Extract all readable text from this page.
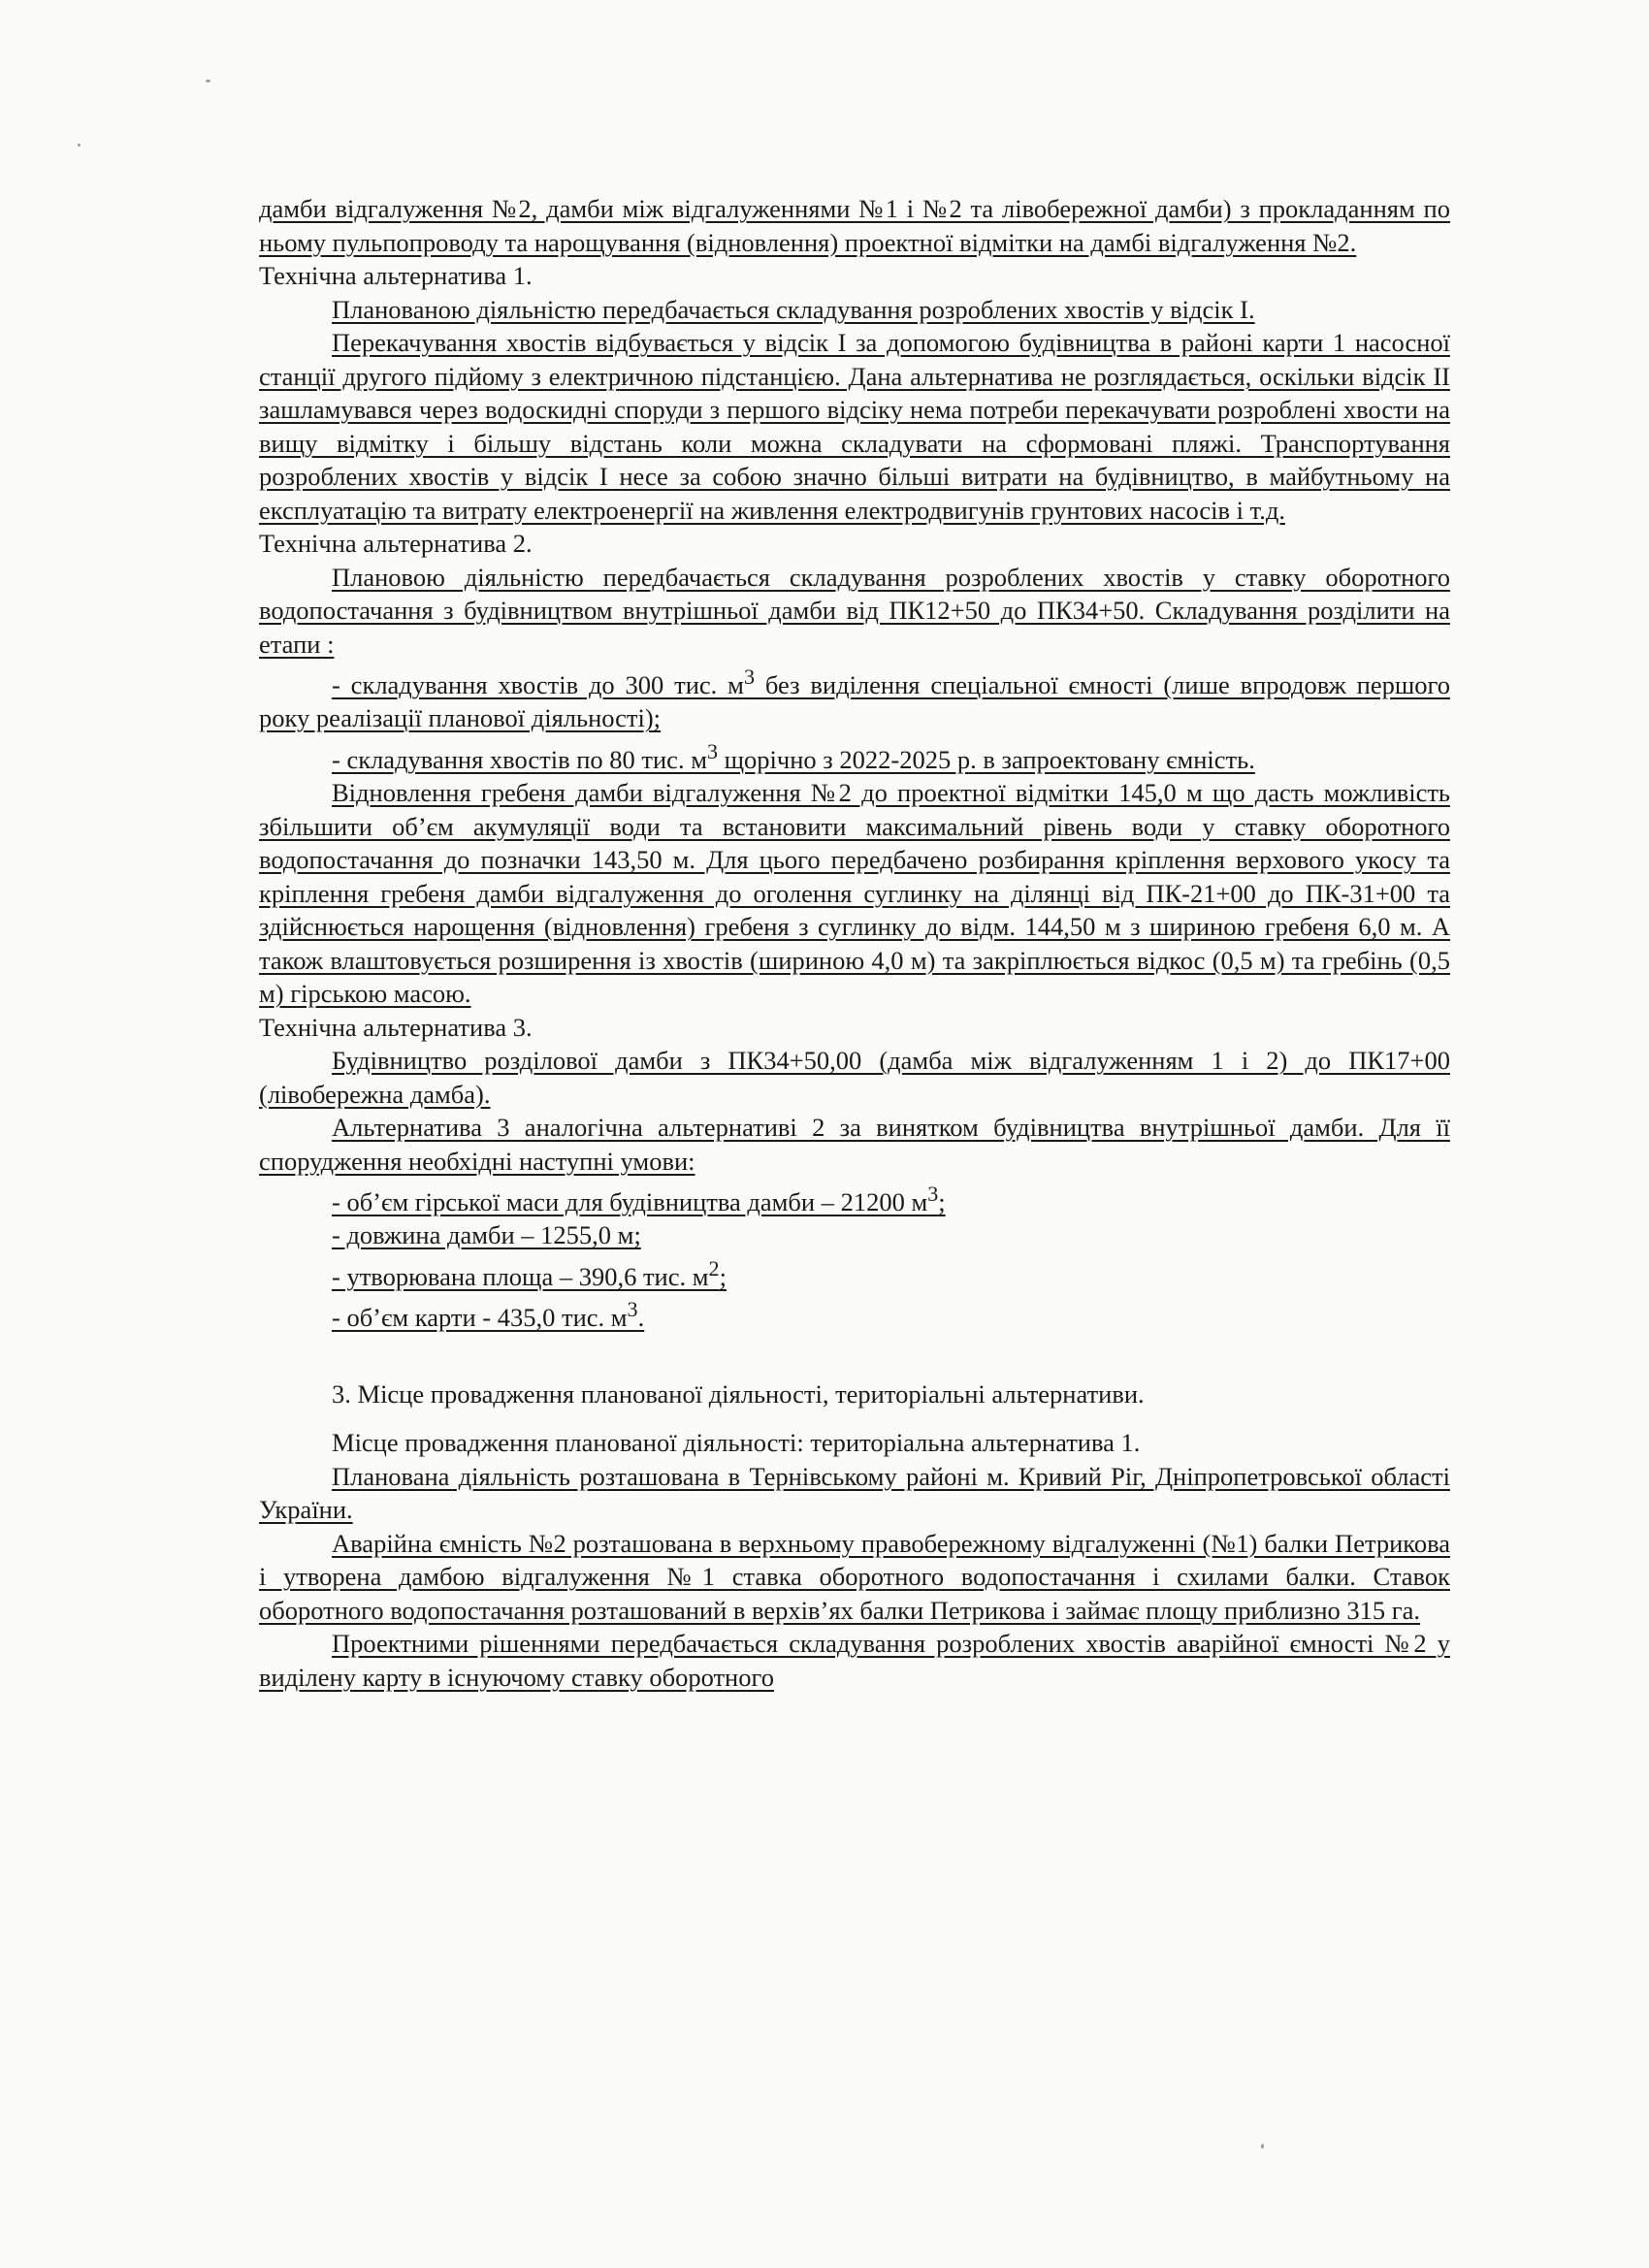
дамби відгалуження №2, дамби між відгалуженнями №1 і №2 та лівобережної дамби) з прокладанням по ньому пульпопроводу та нарощування (відновлення) проектної відмітки на дамбі відгалуження №2.

Технічна альтернатива 1.

Планованою діяльністю передбачається складування розроблених хвостів у відсік І.

Перекачування хвостів відбувається у відсік І за допомогою будівництва в районі карти 1 насосної станції другого підйому з електричною підстанцією. Дана альтернатива не розглядається, оскільки відсік ІІ зашламувався через водоскидні споруди з першого відсіку нема потреби перекачувати розроблені хвости на вищу відмітку і більшу відстань коли можна складувати на сформовані пляжі. Транспортування розроблених хвостів у відсік І несе за собою значно більші витрати на будівництво, в майбутньому на експлуатацію та витрату електроенергії на живлення електродвигунів грунтових насосів і т.д.

Технічна альтернатива 2.

Плановою діяльністю передбачається складування розроблених хвостів у ставку оборотного водопостачання з будівництвом внутрішньої дамби від ПК12+50 до ПК34+50. Складування розділити на етапи :

- складування хвостів до 300 тис. $м^3$ без виділення спеціальної ємності (лише впродовж першого року реалізації планової діяльності);

- складування хвостів по 80 тис. $м^3$ щорічно з 2022-2025 р. в запроектовану ємність.

Відновлення гребеня дамби відгалуження №2 до проектної відмітки 145,0 м що дасть можливість збільшити об’єм акумуляції води та встановити максимальний рівень води у ставку оборотного водопостачання до позначки 143,50 м. Для цього передбачено розбирання кріплення верхового укосу та кріплення гребеня дамби відгалуження до оголення суглинку на ділянці від ПК-21+00 до ПК-31+00 та здійснюється нарощення (відновлення) гребеня з суглинку до відм. 144,50 м з шириною гребеня 6,0 м. А також влаштовується розширення із хвостів (шириною 4,0 м) та закріплюється відкос (0,5 м) та гребінь (0,5 м) гірською масою.

Технічна альтернатива 3.

Будівництво розділової дамби з ПК34+50,00 (дамба між відгалуженням 1 і 2) до ПК17+00 (лівобережна дамба).

Альтернатива 3 аналогічна альтернативі 2 за винятком будівництва внутрішньої дамби. Для її спорудження необхідні наступні умови:

- об’єм гірської маси для будівництва дамби – 21200 $м^3$;

- довжина дамби – 1255,0 м;

- утворювана площа – 390,6 тис. $м^2$;

- об’єм карти - 435,0 тис. $м^3$.

3. Місце провадження планованої діяльності, територіальні альтернативи.

Місце провадження планованої діяльності: територіальна альтернатива 1.

Планована діяльність розташована в Тернівському районі м. Кривий Ріг, Дніпропетровської області України.

Аварійна ємність №2 розташована в верхньому правобережному відгалуженні (№1) балки Петрикова і утворена дамбою відгалуження №1 ставка оборотного водопостачання і схилами балки. Ставок оборотного водопостачання розташований в верхів’ях балки Петрикова і займає площу приблизно 315 га.

Проектними рішеннями передбачається складування розроблених хвостів аварійної ємності №2 у виділену карту в існуючому ставку оборотного
